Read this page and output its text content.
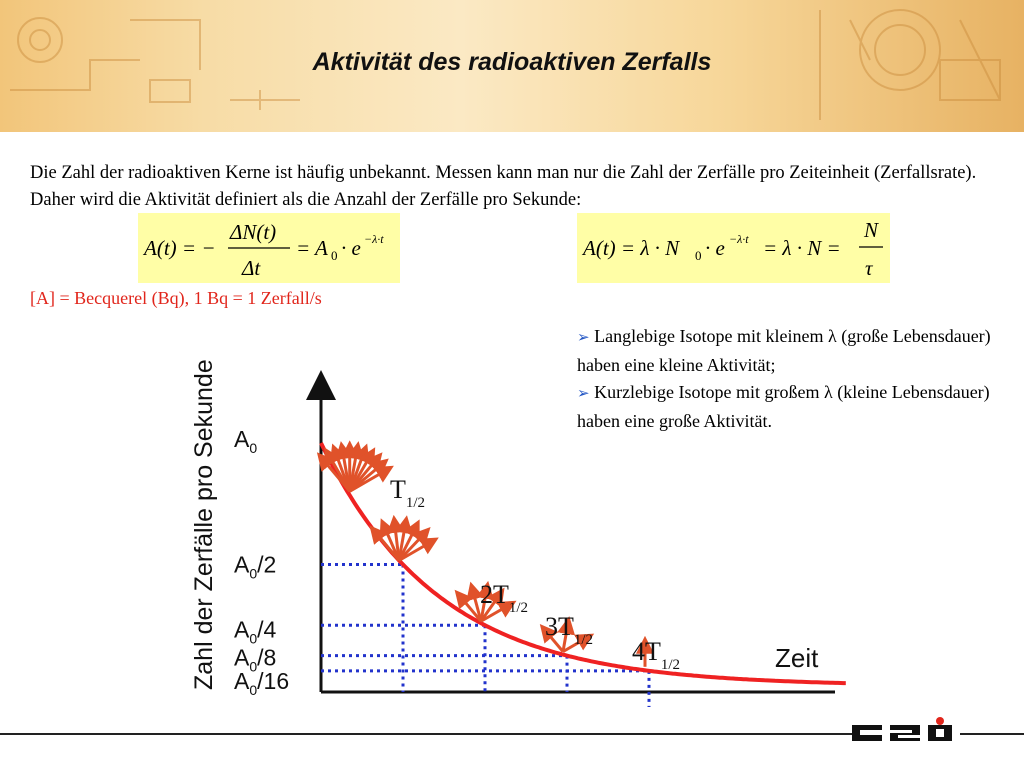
Aktivität des radioaktiven Zerfalls
Die Zahl der radioaktiven Kerne ist häufig unbekannt. Messen kann man nur die Zahl der Zerfälle pro Zeiteinheit (Zerfallsrate). Daher wird die Aktivität definiert als die Anzahl der Zerfälle pro Sekunde:
A(t) = −
ΔN(t)
Δt
= A 0 · e −λ·t	A(t) = λ · N 0 · e −λ·t = λ · N =
N
τ
[A] = Becquerel (Bq), 1 Bq = 1 Zerfall/s
➢ Langlebige Isotope mit kleinem λ (große Lebensdauer) haben eine kleine Aktivität;
➢ Kurzlebige Isotope mit großem λ (kleine Lebensdauer) haben eine große Aktivität.
Zahl der Zerfälle pro Sekunde	Zeit
$A_0$
$A_0/2$
$A_0/4$
$A_0/8$
$A_0/16$
$T_{1/2}$
$2T_{1/2}$
$3T_{1/2}$ $4T_{1/2}$
